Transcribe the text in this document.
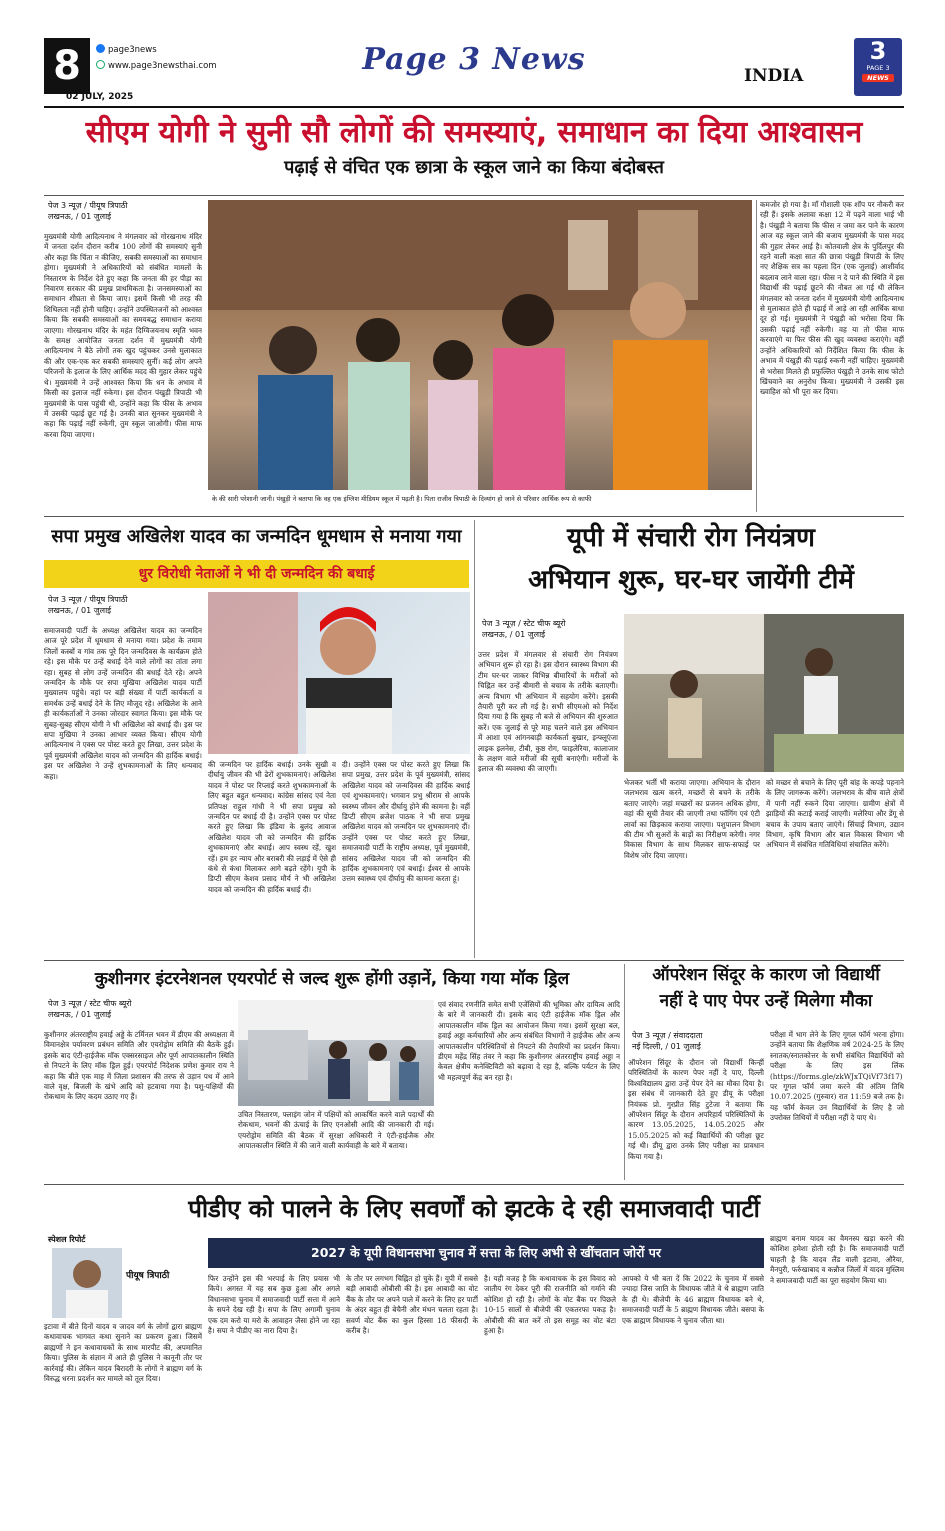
8	page3news
www.page3newsthai.com
02 JULY, 2025
Page 3 News	INDIA
3
PAGE 3
NEWS
सीएम योगी ने सुनी सौ लोगों की समस्याएं, समाधान का दिया आश्वासन
पढ़ाई से वंचित एक छात्रा के स्कूल जाने का किया बंदोबस्त
पेज 3 न्यूज़ / पीयूष त्रिपाठी
लखनऊ, / 01 जुलाई
मुख्यमंत्री योगी आदित्यनाथ ने मंगलवार को गोरखनाथ मंदिर में जनता दर्शन दौरान करीब 100 लोगों की समस्याएं सुनी और कहा कि चिंता न कीजिए, सबकी समस्याओं का समाधान होगा। मुख्यमंत्री ने अधिकारियों को संबंधित मामलों के निस्तारण के निर्देश देते हुए कहा कि जनता की हर पीड़ा का निवारण सरकार की प्रमुख प्राथमिकता है। जनसमस्याओं का समाधान शीघ्रता से किया जाए। इसमें किसी भी तरह की शिथिलता नहीं होनी चाहिए। उन्होंने उपस्थितजनों को आश्वस्त किया कि सबकी समस्याओं का समयबद्ध समाधान कराया जाएगा। गोरखनाथ मंदिर के महंत दिग्विजयनाथ स्मृति भवन के समक्ष आयोजित जनता दर्शन में मुख्यमंत्री योगी आदित्यनाथ ने बैठे लोगों तक खुद पहुंचकर उनसे मुलाकात की और एक-एक कर सबकी समस्याएं सुनीं। कई लोग अपने परिजनों के इलाज के लिए आर्थिक मदद की गुहार लेकर पहुंचे थे। मुख्यमंत्री ने उन्हें आश्वस्त किया कि धन के अभाव में किसी का इलाज नहीं रुकेगा। इस दौरान पंखुड़ी त्रिपाठी भी मुख्यमंत्री के पास पहुंची थी, उन्होंने कहा कि फीस के अभाव में उसकी पढ़ाई छूट गई है। उनकी बात सुनकर मुख्यमंत्री ने कहा कि पढ़ाई नहीं रुकेगी, तुम स्कूल जाओगी। फीस माफ करवा दिया जाएगा।
के की सारी परेशानी जानी। पंखुड़ी ने बताया कि वह एक इंग्लिश मीडियम स्कूल में पढ़ती है। पिता राजीव त्रिपाठी के दिव्यांग हो जाने से परिवार आर्थिक रूप से काफी
कमजोर हो गया है। माँ गौशाली एक शॉप पर नौकरी कर रही हैं। इसके अलावा कक्षा 12 में पढ़ने वाला भाई भी है। पंखुड़ी ने बताया कि फीस न जमा कर पाने के कारण आज वह स्कूल जाने की बजाय मुख्यमंत्री के पास मदद की गुहार लेकर आई है। कोतवाली क्षेत्र के पुर्दिलपुर की रहने वाली कक्षा सात की छात्रा पंखुड़ी त्रिपाठी के लिए नए शैक्षिक सत्र का पहला दिन (एक जुलाई) आशीर्वाद बदलाव लाने वाला रहा। फीस न दे पाने की स्थिति में इस विद्यार्थी की पढ़ाई छूटने की नौबत आ गई थी लेकिन मंगलवार को जनता दर्शन में मुख्यमंत्री योगी आदित्यनाथ से मुलाकात होते ही पढ़ाई में आड़े आ रही आर्थिक बाधा दूर हो गई। मुख्यमंत्री ने पंखुड़ी को भरोसा दिया कि उसकी पढ़ाई नहीं रुकेगी। वह या तो फीस माफ करवाएंगे या फिर फीस की खुद व्यवस्था कराएंगे। वहीं उन्होंने अधिकारियों को निर्देशित किया कि फीस के अभाव में पंखुड़ी की पढ़ाई रुकनी नहीं चाहिए। मुख्यमंत्री से भरोसा मिलते ही प्रफुल्लित पंखुड़ी ने उनके साथ फोटो खिंचवाने का अनुरोध किया। मुख्यमंत्री ने उसकी इस ख्वाहिश को भी पूरा कर दिया।
सपा प्रमुख अखिलेश यादव का जन्मदिन धूमधाम से मनाया गया
धुर विरोधी नेताओं ने भी दी जन्मदिन की बधाई
पेज 3 न्यूज़ / पीयूष त्रिपाठी
लखनऊ, / 01 जुलाई
समाजवादी पार्टी के अध्यक्ष अखिलेश यादव का जन्मदिन आज पूरे प्रदेश में धूमधाम से मनाया गया। प्रदेश के तमाम जिलों कस्बों व गांव तक पूरे दिन जन्मदिवस के कार्यक्रम होते रहे। इस मौके पर उन्हें बधाई देने वाले लोगों का तांता लगा रहा। सुबह से लोग उन्हें जन्मदिन की बधाई देते रहे। अपने जन्मदिन के मौके पर सपा मुखिया अखिलेश यादव पार्टी मुख्यालय पहुंचे। वहां पर बड़ी संख्या में पार्टी कार्यकर्ता व समर्थक उन्हें बधाई देने के लिए मौजूद रहे। अखिलेश के आने ही कार्यकर्ताओं ने उनका जोरदार स्वागत किया। इस मौके पर सुबह-सुबह सीएम योगी ने भी अखिलेश को बधाई दी। इस पर सपा मुखिया ने उनका आभार व्यक्त किया। सीएम योगी आदित्यनाथ ने एक्स पर पोस्ट करते हुए लिखा, उत्तर प्रदेश के पूर्व मुख्यमंत्री अखिलेश यादव को जन्मदिन की हार्दिक बधाई। इस पर अखिलेश ने उन्हें शुभकामनाओं के लिए धन्यवाद कहा।
की जन्मदिन पर हार्दिक बधाई। उनके सुखी व दीर्घायु जीवन की भी ढेरों शुभकामनाएं। अखिलेश यादव ने पोस्ट पर रिप्लाई करते शुभकामनाओं के लिए बहुत बहुत धन्यवाद। कांग्रेस सांसद एवं नेता प्रतिपक्ष राहुल गांधी ने भी सपा प्रमुख को जन्मदिन पर बधाई दी है। उन्होंने एक्स पर पोस्ट करते हुए लिखा कि इंडिया के बुलंद आवाज अखिलेश यादव जी को जन्मदिन की हार्दिक शुभकामनाएं और बधाई। आप स्वस्थ रहें, खुश रहें। हम हर न्याय और बराबरी की लड़ाई में ऐसे ही कंधे से कंधा मिलाकर आगे बढ़ते रहेंगे। यूपी के डिप्टी सीएम केशव प्रसाद मौर्य ने भी अखिलेश यादव को जन्मदिन की हार्दिक बधाई दी।
दी। उन्होंने एक्स पर पोस्ट करते हुए लिखा कि सपा प्रमुख, उत्तर प्रदेश के पूर्व मुख्यमंत्री, सांसद अखिलेश यादव को जन्मदिवस की हार्दिक बधाई एवं शुभकामनाएं। भगवान प्रभु श्रीराम से आपके स्वस्थ्य जीवन और दीर्घायु होने की कामना है। वहीं डिप्टी सीएम ब्रजेश पाठक ने भी सपा प्रमुख अखिलेश यादव को जन्मदिन पर शुभकामनाएं दीं। उन्होंने एक्स पर पोस्ट करते हुए लिखा, समाजवादी पार्टी के राष्ट्रीय अध्यक्ष, पूर्व मुख्यमंत्री, सांसद अखिलेश यादव जी को जन्मदिन की हार्दिक शुभकामनाएं एवं बधाई। ईश्वर से आपके उत्तम स्वास्थ्य एवं दीर्घायु की कामना करता हूं।
यूपी में संचारी रोग नियंत्रण
अभियान शुरू, घर-घर जायेंगी टीमें
पेज 3 न्यूज़ / स्टेट चीफ ब्यूरो
लखनऊ, / 01 जुलाई
उत्तर प्रदेश में मंगलवार से संचारी रोग नियंत्रण अभियान शुरू हो रहा है। इस दौरान स्वास्थ्य विभाग की टीम घर-घर जाकर विभिन्न बीमारियों के मरीजों को चिह्नित कर उन्हें बीमारी से बचाव के तरीके बताएगी। अन्य विभाग भी अभियान में सहयोग करेंगे। इसकी तैयारी पूरी कर ली गई है। सभी सीएमओ को निर्देश दिया गया है कि सुबह नौ बजे से अभियान की शुरुआत करें। एक जुलाई से पूरे माह चलने वाले इस अभियान में आशा एवं आंगनबाड़ी कार्यकर्ता बुखार, इन्फ्लूएंजा लाइक इलनेस, टीबी, कुष्ठ रोग, फाइलेरिया, कालाजार के लक्षण वाले मरीजों की सूची बनाएंगी। मरीजों के इलाज की व्यवस्था की जाएगी।
भेजकर भर्ती भी कराया जाएगा। अभियान के दौरान जलभराव खत्म करने, मच्छरों से बचने के तरीके बताए जाएंगे। जहां मच्छरों का प्रजनन अधिक होगा, वहां की सूची तैयार की जाएगी तथा फॉगिंग एवं एंटी लार्वा का छिड़काव कराया जाएगा। पशुपालन विभाग की टीम भी सुअरों के बाड़ों का निरीक्षण करेगी। नगर विकास विभाग के साथ मिलकर साफ-सफाई पर विशेष जोर दिया जाएगा।
को मच्छर से बचाने के लिए पूरी बांह के कपड़े पहनाने के लिए जागरूक करेंगे। जलभराव के बीच वाले क्षेत्रों में पानी नहीं रुकने दिया जाएगा। ग्रामीण क्षेत्रों में झाड़ियों की कटाई कराई जाएगी। मलेरिया और डेंगू से बचाव के उपाय बताए जाएंगे। सिंचाई विभाग, उद्यान विभाग, कृषि विभाग और बाल विकास विभाग भी अभियान में संबंधित गतिविधियां संचालित करेंगे।
कुशीनगर इंटरनेशनल एयरपोर्ट से जल्द शुरू होंगी उड़ानें, किया गया मॉक ड्रिल
पेज 3 न्यूज़ / स्टेट चीफ ब्यूरो
लखनऊ, / 01 जुलाई
कुशीनगर अंतरराष्ट्रीय हवाई अड्डे के टर्मिनल भवन में डीएम की अध्यक्षता में विमानक्षेत्र पर्यावरण प्रबंधन समिति और एयरोड्रोम समिति की बैठकें हुईं। इसके बाद एंटी-हाईजैक मॉक एक्सरसाइज और पूर्ण आपातकालीन स्थिति से निपटने के लिए मॉक ड्रिल हुई। एयरपोर्ट निदेशक प्रणेश कुमार राय ने कहा कि बीते एक माह में जिला प्रशासन की तरफ से उड़ान पथ में आने वाले वृक्ष, बिजली के खंभे आदि को हटवाया गया है। पशु-पक्षियों की रोकथाम के लिए कदम उठाए गए हैं।
उचित निस्तारण, फ्लाइंग जोन में पक्षियों को आकर्षित करने वाले पदार्थों की रोकथाम, भवनों की ऊंचाई के लिए एनओसी आदि की जानकारी दी गई। एयरोड्रोम समिति की बैठक में सुरक्षा अधिकारी ने एंटी-हाईजैक और आपातकालीन स्थिति में की जाने वाली कार्यवाही के बारे में बताया।
एवं संवाद रणनीति समेत सभी एजेंसियों की भूमिका और दायित्व आदि के बारे में जानकारी दी। इसके बाद एंटी हाईजैक मॉक ड्रिल और आपातकालीन मॉक ड्रिल का आयोजन किया गया। इसमें सुरक्षा बल, हवाई अड्डा कर्मचारियों और अन्य संबंधित विभागों ने हाईजैक और अन्य आपातकालीन परिस्थितियों से निपटने की तैयारियों का प्रदर्शन किया। डीएम महेंद्र सिंह तंवर ने कहा कि कुशीनगर अंतरराष्ट्रीय हवाई अड्डा न केवल क्षेत्रीय कनेक्टिविटी को बढ़ावा दे रहा है, बल्कि पर्यटन के लिए भी महत्वपूर्ण केंद्र बन रहा है।
ऑपरेशन सिंदूर के कारण जो विद्यार्थी
नहीं दे पाए पेपर उन्हें मिलेगा मौका
पेज 3 न्यूज़ / संवाददाता
नई दिल्ली, / 01 जुलाई
ऑपरेशन सिंदूर के दौरान जो विद्यार्थी किन्हीं परिस्थितियों के कारण पेपर नहीं दे पाए, दिल्ली विश्वविद्यालय द्वारा उन्हें पेपर देने का मौका दिया है। इस संबंध में जानकारी देते हुए डीयू के परीक्षा नियंत्रक प्रो. गुरप्रीत सिंह टुटेजा ने बताया कि ऑपरेशन सिंदूर के दौरान अपरिहार्य परिस्थितियों के कारण 13.05.2025, 14.05.2025 और 15.05.2025 को कई विद्यार्थियों की परीक्षा छूट गई थी। डीयू द्वारा उनके लिए परीक्षा का प्रावधान किया गया है।
परीक्षा में भाग लेने के लिए गूगल फॉर्म भरना होगा। उन्होंने बताया कि शैक्षणिक वर्ष 2024-25 के लिए स्नातक/स्नातकोत्तर के सभी संबंधित विद्यार्थियों को परीक्षा के लिए इस लिंक (https://forms.gle/zkWJxTQiVf73f17) पर गूगल फॉर्म जमा करने की अंतिम तिथि 10.07.2025 (गुरुवार) रात 11:59 बजे तक है। यह फॉर्म केवल उन विद्यार्थियों के लिए है जो उपरोक्त तिथियों में परीक्षा नहीं दे पाए थे।
पीडीए को पालने के लिए सवर्णों को झटके दे रही समाजवादी पार्टी
स्पेशल रिपोर्ट
पीयूष त्रिपाठी
2027 के यूपी विधानसभा चुनाव में सत्ता के लिए अभी से खींचतान जोरों पर
इटावा में बीते दिनों यादव व जादव वर्ग के लोगों द्वारा ब्राह्मण कथावाचक भागवत कथा सुनाने का प्रकरण हुआ। जिसमें ब्राह्मणों ने इन कथावाचकों के साथ मारपीट की, अपमानित किया। पुलिस के संज्ञान में आते ही पुलिस ने कानूनी तौर पर कार्रवाई की। लेकिन यादव बिरादरी के लोगों ने ब्राह्मण वर्ग के विरुद्ध धरना प्रदर्शन कर मामले को तूल दिया।
फिर उन्होंने इस की भरपाई के लिए प्रयास भी किये। अगस्त में यह सब कुछ हुआ और अगले विधानसभा चुनाव में समाजवादी पार्टी सत्ता में आने के सपने देख रही है। सपा के लिए अगामी चुनाव एक दम करो या मरो के आवाहन जैसा होने जा रहा है। सपा ने पीडीए का नारा दिया है।
के तौर पर लगभग चिह्नित हो चुके हैं। यूपी में सबसे बड़ी आबादी ओबीसी की है। इस आबादी का वोट बैंक के तौर पर अपने पाले में करने के लिए हर पार्टी के अंदर बहुत ही बेचैनी और मंथन चलता रहता है। सवर्ण वोट बैंक का कुल हिस्सा 18 फीसदी के करीब है।
है। यही वजह है कि कथावाचक के इस विवाद को जातीय रंग देकर पूरी की राजनीति को गर्माने की कोशिश हो रही है। लोगों के वोट बैंक पर पिछले 10-15 सालों से बीजेपी की एकतरफा पकड़ है। ओबीसी की बात करें तो इस समूह का वोट बंटा हुआ है।
आपको ये भी बता दें कि 2022 के चुनाव में सबसे ज्यादा जिस जाति के विधायक जीते वे थे ब्राह्मण जाति के ही थे। बीजेपी के 46 ब्राह्मण विधायक बने थे, समाजवादी पार्टी के 5 ब्राह्मण विधायक जीते। बसपा के एक ब्राह्मण विधायक ने चुनाव जीता था।
ब्राह्मण बनाम यादव का वैमनस्य खड़ा करने की कोशिश हमेशा होती रही है। कि समाजवादी पार्टी चाहती है कि यादव लैंड वाली इटावा, औरैया, मैनपुरी, फर्रुखाबाद व कन्नौज जिलों में यादव मुस्लिम ने समाजवादी पार्टी का पूरा सहयोग किया था।
